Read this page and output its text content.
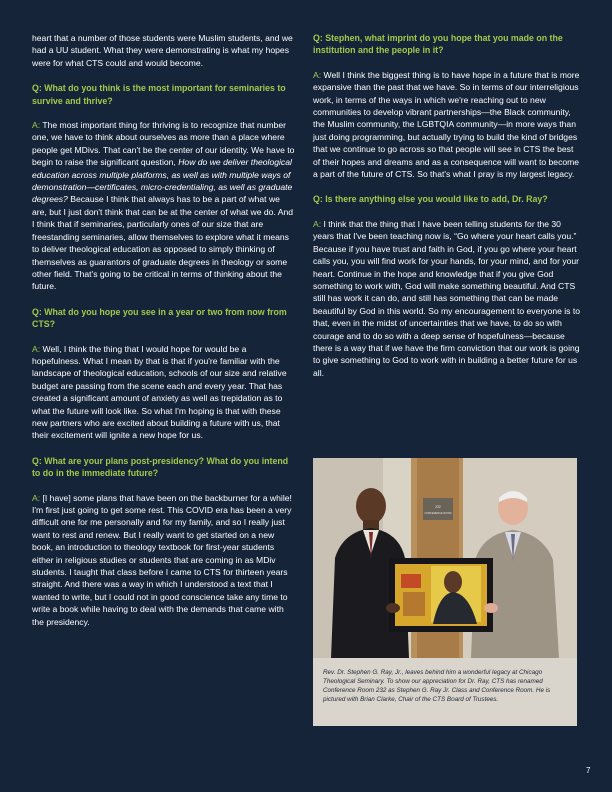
heart that a number of those students were Muslim students, and we had a UU student. What they were demonstrating is what my hopes were for what CTS could and would become.

Q: What do you think is the most important for seminaries to survive and thrive?

A: The most important thing for thriving is to recognize that number one, we have to think about ourselves as more than a place where people get MDivs. That can't be the center of our identity. We have to begin to raise the significant question, How do we deliver theological education across multiple platforms, as well as with multiple ways of demonstration—certificates, micro-credentialing, as well as graduate degrees? Because I think that always has to be a part of what we are, but I just don't think that can be at the center of what we do. And I think that if seminaries, particularly ones of our size that are freestanding seminaries, allow themselves to explore what it means to deliver theological education as opposed to simply thinking of themselves as guarantors of graduate degrees in theology or some other field. That's going to be critical in terms of thinking about the future.

Q: What do you hope you see in a year or two from now from CTS?

A: Well, I think the thing that I would hope for would be a hopefulness. What I mean by that is that if you're familiar with the landscape of theological education, schools of our size and relative budget are passing from the scene each and every year. That has created a significant amount of anxiety as well as trepidation as to what the future will look like. So what I'm hoping is that with these new partners who are excited about building a future with us, that their excitement will ignite a new hope for us.

Q: What are your plans post-presidency? What do you intend to do in the immediate future?

A: [I have] some plans that have been on the backburner for a while! I'm first just going to get some rest. This COVID era has been a very difficult one for me personally and for my family, and so I really just want to rest and renew. But I really want to get started on a new book, an introduction to theology textbook for first-year students either in religious studies or students that are coming in as MDiv students. I taught that class before I came to CTS for thirteen years straight. And there was a way in which I understood a text that I wanted to write, but I could not in good conscience take any time to write a book while having to deal with the demands that came with the presidency.

Q: Stephen, what imprint do you hope that you made on the institution and the people in it?

A: Well I think the biggest thing is to have hope in a future that is more expansive than the past that we have. So in terms of our interreligious work, in terms of the ways in which we're reaching out to new communities to develop vibrant partnerships—the Black community, the Muslim community, the LGBTQIA community—in more ways than just doing programming, but actually trying to build the kind of bridges that we continue to go across so that people will see in CTS the best of their hopes and dreams and as a consequence will want to become a part of the future of CTS. So that's what I pray is my largest legacy.

Q: Is there anything else you would like to add, Dr. Ray?

A: I think that the thing that I have been telling students for the 30 years that I've been teaching now is, “Go where your heart calls you.” Because if you have trust and faith in God, if you go where your heart calls you, you will find work for your hands, for your mind, and for your heart. Continue in the hope and knowledge that if you give God something to work with, God will make something beautiful. And CTS still has work it can do, and still has something that can be made beautiful by God in this world. So my encouragement to everyone is to that, even in the midst of uncertainties that we have, to do so with courage and to do so with a deep sense of hopefulness—because there is a way that if we have the firm conviction that our work is going to give something to God to work with in building a better future for us all.

232
CONFERENCE ROOM
Rev. Dr. Stephen G. Ray, Jr., leaves behind him a wonderful legacy at Chicago Theological Seminary. To show our appreciation for Dr. Ray, CTS has renamed Conference Room 232 as Stephen G. Ray Jr. Class and Conference Room. He is pictured with Brian Clarke, Chair of the CTS Board of Trustees.
7
